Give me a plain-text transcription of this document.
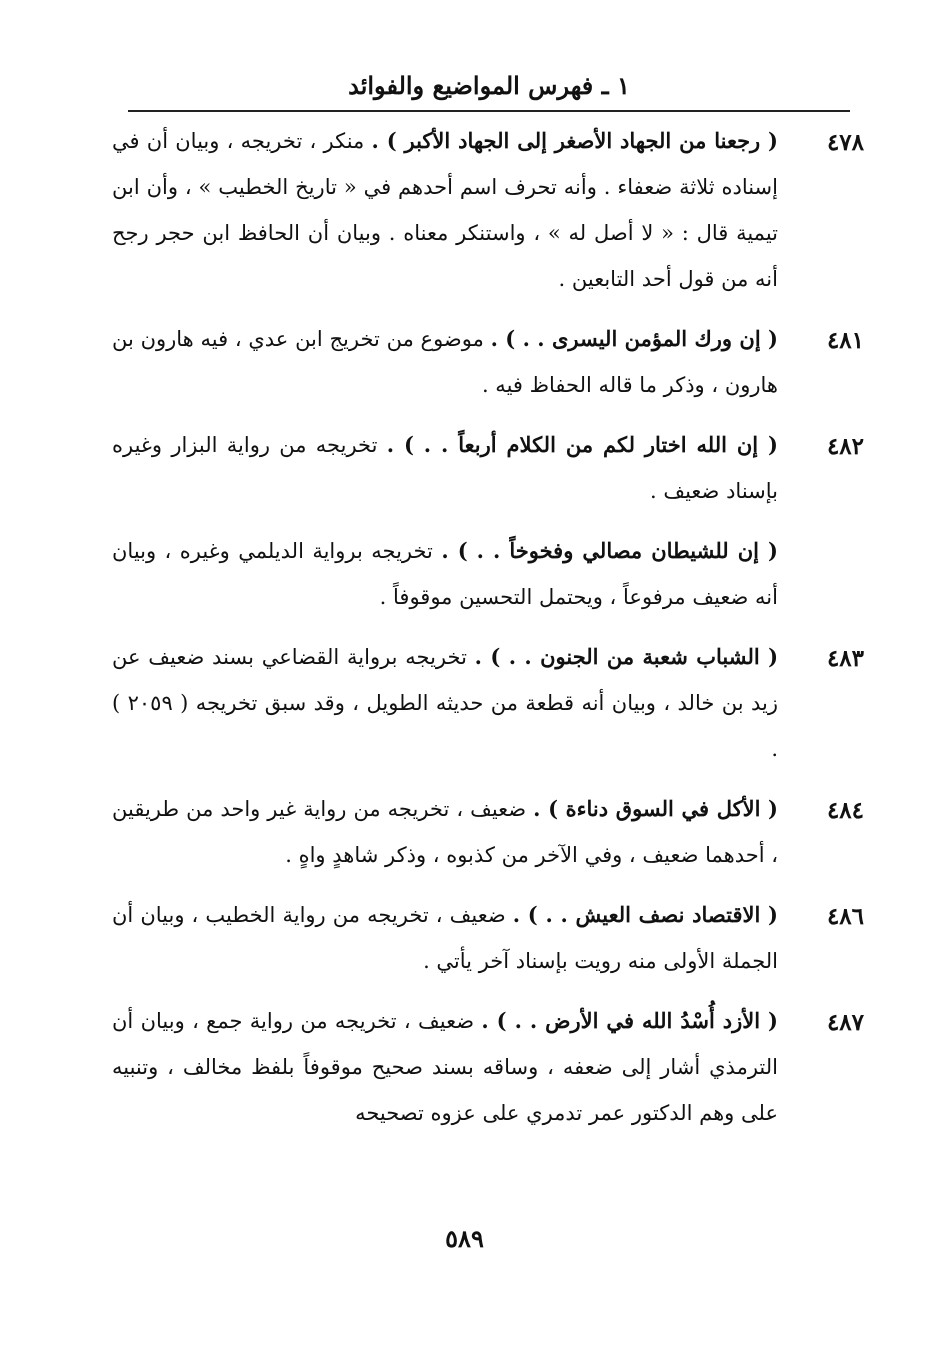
١ ـ فهرس المواضيع والفوائد
٤٧٨
( رجعنا من الجهاد الأصغر إلى الجهاد الأكبر ) . منكر ، تخريجه ، وبيان أن في إسناده ثلاثة ضعفاء . وأنه تحرف اسم أحدهم في « تاريخ الخطيب » ، وأن ابن تيمية قال : « لا أصل له » ، واستنكر معناه . وبيان أن الحافظ ابن حجر رجح أنه من قول أحد التابعين .
٤٨١
( إن ورك المؤمن اليسرى . . ) . موضوع من تخريج ابن عدي ، فيه هارون بن هارون ، وذكر ما قاله الحفاظ فيه .
٤٨٢
( إن الله اختار لكم من الكلام أربعاً . . ) . تخريجه من رواية البزار وغيره بإسناد ضعيف .
( إن للشيطان مصالي وفخوخاً . . ) . تخريجه برواية الديلمي وغيره ، وبيان أنه ضعيف مرفوعاً ، ويحتمل التحسين موقوفاً .
٤٨٣
( الشباب شعبة من الجنون . . ) . تخريجه برواية القضاعي بسند ضعيف عن زيد بن خالد ، وبيان أنه قطعة من حديثه الطويل ، وقد سبق تخريجه ( ٢٠٥٩ ) .
٤٨٤
( الأكل في السوق دناءة ) . ضعيف ، تخريجه من رواية غير واحد من طريقين ، أحدهما ضعيف ، وفي الآخر من كذبوه ، وذكر شاهدٍ واهٍ .
٤٨٦
( الاقتصاد نصف العيش . . ) . ضعيف ، تخريجه من رواية الخطيب ، وبيان أن الجملة الأولى منه رويت بإسناد آخر يأتي .
٤٨٧
( الأزد أُسْدُ الله في الأرض . . ) . ضعيف ، تخريجه من رواية جمع ، وبيان أن الترمذي أشار إلى ضعفه ، وساقه بسند صحيح موقوفاً بلفظ مخالف ، وتنبيه على وهم الدكتور عمر تدمري على عزوه تصحيحه
٥٨٩
